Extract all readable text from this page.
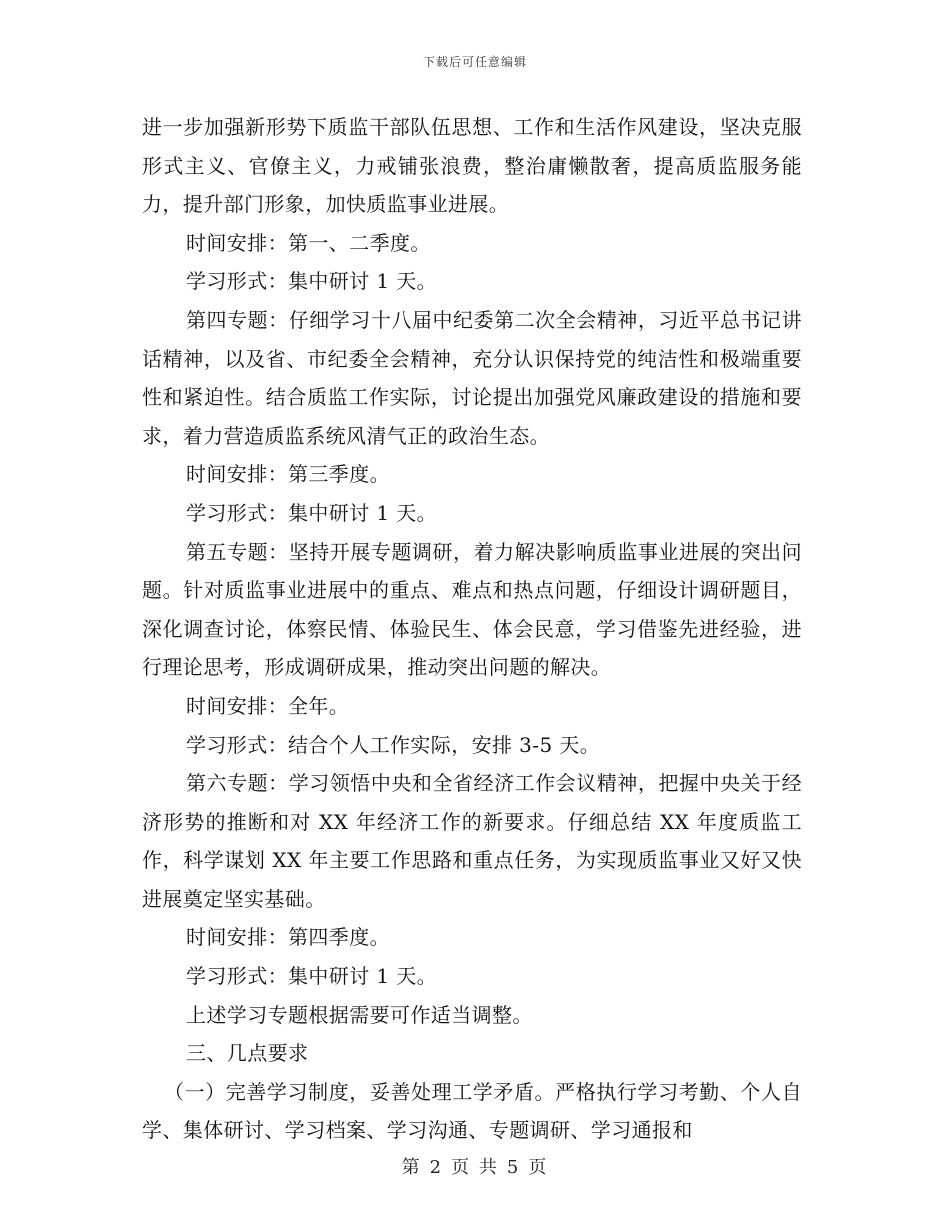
下载后可任意编辑

进一步加强新形势下质监干部队伍思想、工作和生活作风建设，坚决克服形式主义、官僚主义，力戒铺张浪费，整治庸懒散奢，提高质监服务能力，提升部门形象，加快质监事业进展。

时间安排：第一、二季度。

学习形式：集中研讨 1 天。

第四专题：仔细学习十八届中纪委第二次全会精神，习近平总书记讲话精神，以及省、市纪委全会精神，充分认识保持党的纯洁性和极端重要性和紧迫性。结合质监工作实际，讨论提出加强党风廉政建设的措施和要求，着力营造质监系统风清气正的政治生态。

时间安排：第三季度。

学习形式：集中研讨 1 天。

第五专题：坚持开展专题调研，着力解决影响质监事业进展的突出问题。针对质监事业进展中的重点、难点和热点问题，仔细设计调研题目，深化调查讨论，体察民情、体验民生、体会民意，学习借鉴先进经验，进行理论思考，形成调研成果，推动突出问题的解决。

时间安排：全年。

学习形式：结合个人工作实际，安排 3-5 天。

第六专题：学习领悟中央和全省经济工作会议精神，把握中央关于经济形势的推断和对 XX 年经济工作的新要求。仔细总结 XX 年度质监工作，科学谋划 XX 年主要工作思路和重点任务，为实现质监事业又好又快进展奠定坚实基础。

时间安排：第四季度。

学习形式：集中研讨 1 天。

上述学习专题根据需要可作适当调整。

三、几点要求

（一）完善学习制度，妥善处理工学矛盾。严格执行学习考勤、个人自学、集体研讨、学习档案、学习沟通、专题调研、学习通报和

第 2 页 共 5 页
